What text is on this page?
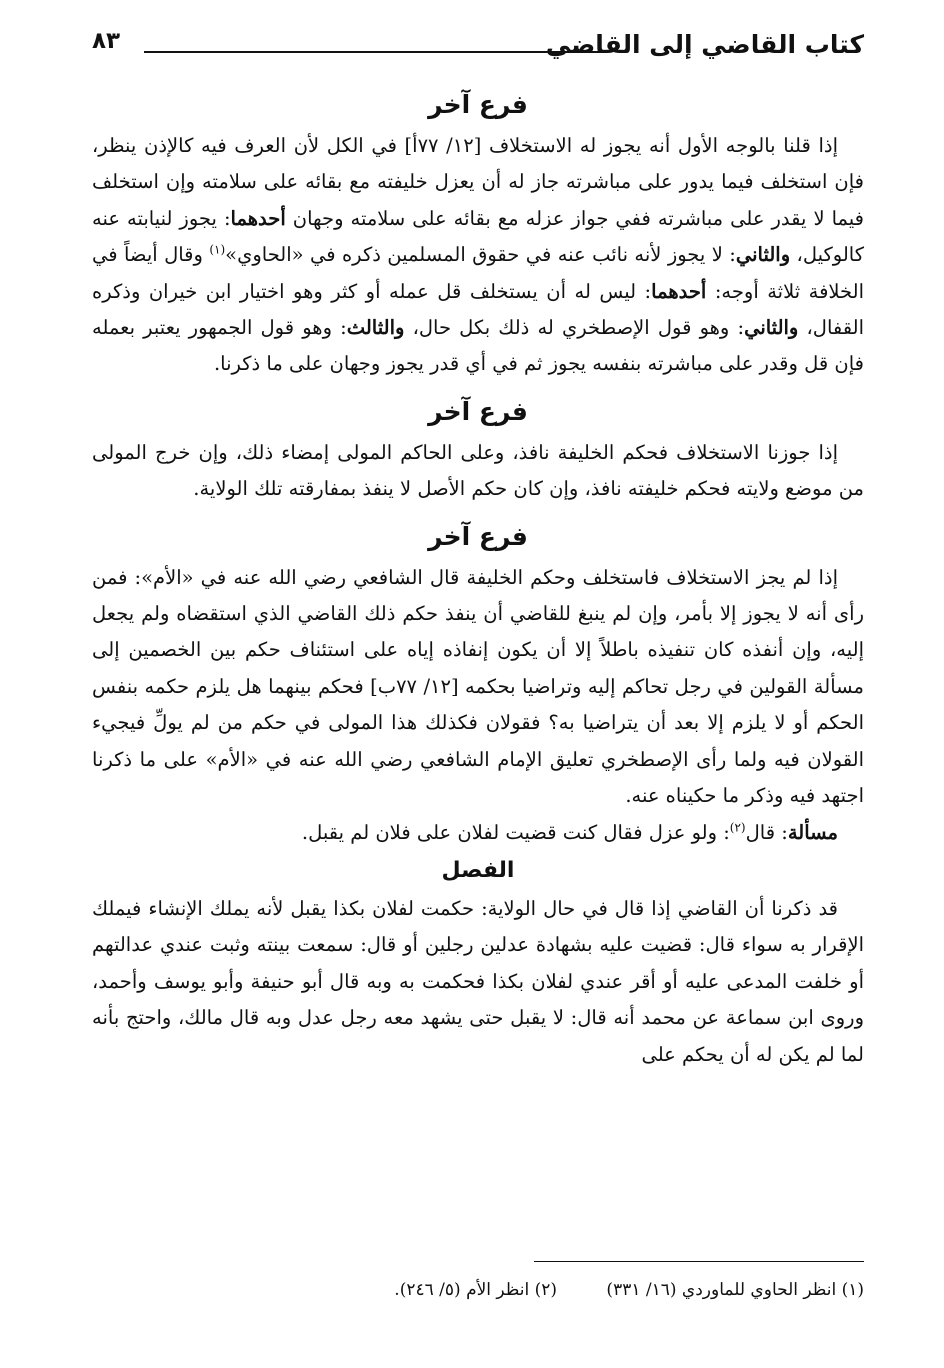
كتاب القاضي إلى القاضي
٨٣
فرع آخر

إذا قلنا بالوجه الأول أنه يجوز له الاستخلاف [١٢/ ٧٧أ] في الكل لأن العرف فيه كالإذن ينظر، فإن استخلف فيما يدور على مباشرته جاز له أن يعزل خليفته مع بقائه على سلامته وإن استخلف فيما لا يقدر على مباشرته ففي جواز عزله مع بقائه على سلامته وجهان أحدهما: يجوز لنيابته عنه كالوكيل، والثاني: لا يجوز لأنه نائب عنه في حقوق المسلمين ذكره في «الحاوي»$^{(١)}$ وقال أيضاً في الخلافة ثلاثة أوجه: أحدهما: ليس له أن يستخلف قل عمله أو كثر وهو اختيار ابن خيران وذكره القفال، والثاني: وهو قول الإصطخري له ذلك بكل حال، والثالث: وهو قول الجمهور يعتبر بعمله فإن قل وقدر على مباشرته بنفسه يجوز ثم في أي قدر يجوز وجهان على ما ذكرنا.

فرع آخر

إذا جوزنا الاستخلاف فحكم الخليفة نافذ، وعلى الحاكم المولى إمضاء ذلك، وإن خرج المولى من موضع ولايته فحكم خليفته نافذ، وإن كان حكم الأصل لا ينفذ بمفارقته تلك الولاية.

فرع آخر

إذا لم يجز الاستخلاف فاستخلف وحكم الخليفة قال الشافعي رضي الله عنه في «الأم»: فمن رأى أنه لا يجوز إلا بأمر، وإن لم ينبغ للقاضي أن ينفذ حكم ذلك القاضي الذي استقضاه ولم يجعل إليه، وإن أنفذه كان تنفيذه باطلاً إلا أن يكون إنفاذه إياه على استئناف حكم بين الخصمين إلى مسألة القولين في رجل تحاكم إليه وتراضيا بحكمه [١٢/ ٧٧ب] فحكم بينهما هل يلزم حكمه بنفس الحكم أو لا يلزم إلا بعد أن يتراضيا به؟ فقولان فكذلك هذا المولى في حكم من لم يولِّ فيجيء القولان فيه ولما رأى الإصطخري تعليق الإمام الشافعي رضي الله عنه في «الأم» على ما ذكرنا اجتهد فيه وذكر ما حكيناه عنه.

مسألة: قال$^{(٢)}$: ولو عزل فقال كنت قضيت لفلان على فلان لم يقبل.

الفصل

قد ذكرنا أن القاضي إذا قال في حال الولاية: حكمت لفلان بكذا يقبل لأنه يملك الإنشاء فيملك الإقرار به سواء قال: قضيت عليه بشهادة عدلين رجلين أو قال: سمعت بينته وثبت عندي عدالتهم أو خلفت المدعى عليه أو أقر عندي لفلان بكذا فحكمت به وبه قال أبو حنيفة وأبو يوسف وأحمد، وروى ابن سماعة عن محمد أنه قال: لا يقبل حتى يشهد معه رجل عدل وبه قال مالك، واحتج بأنه لما لم يكن له أن يحكم على

(١) انظر الحاوي للماوردي (١٦/ ٣٣١) (٢) انظر الأم (٥/ ٢٤٦).
